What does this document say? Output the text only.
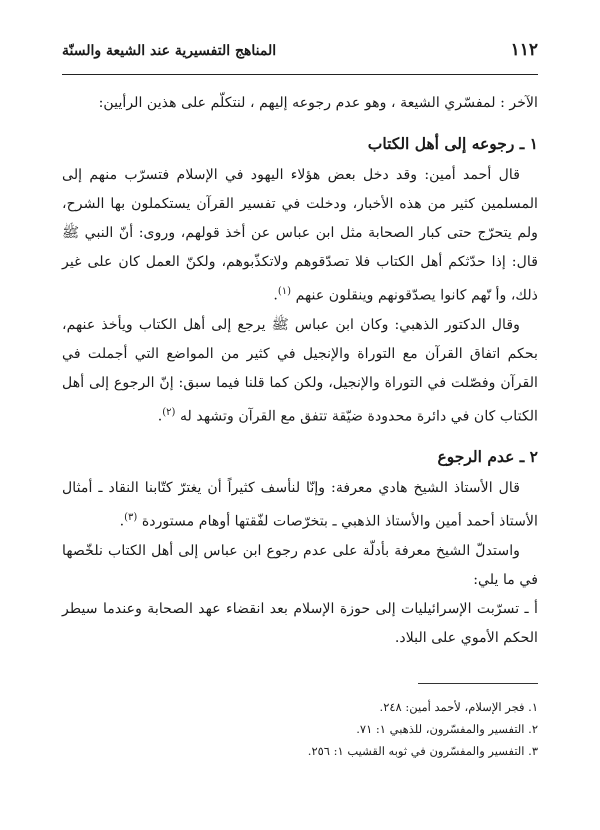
١١٢
المناهج التفسيرية عند الشيعة والسنّة

الآخر : لمفسّري الشيعة ، وهو عدم رجوعه إليهم ، لنتكلّم على هذين الرأيين:

١ ـ رجوعه إلى أهل الكتاب

قال أحمد أمين: وقد دخل بعض هؤلاء اليهود في الإسلام فتسرّب منهم إلى المسلمين كثير من هذه الأخبار، ودخلت في تفسير القرآن يستكملون بها الشرح، ولم يتحرّج حتى كبار الصحابة مثل ابن عباس عن أخذ قولهم، وروى: أنّ النبي ﷺ قال: إذا حدّثكم أهل الكتاب فلا تصدّقوهم ولاتكذّبوهم، ولكنّ العمل كان على غير ذلك، وأ نّهم كانوا يصدّقونهم وينقلون عنهم $^{(١)}$.

وقال الدكتور الذهبي: وكان ابن عباس ﷺ يرجع إلى أهل الكتاب ويأخذ عنهم، بحكم اتفاق القرآن مع التوراة والإنجيل في كثير من المواضع التي أجملت في القرآن وفصّلت في التوراة والإنجيل، ولكن كما قلنا فيما سبق: إنّ الرجوع إلى أهل الكتاب كان في دائرة محدودة ضيّقة تتفق مع القرآن وتشهد له $^{(٢)}$.

٢ ـ عدم الرجوع

قال الأستاذ الشيخ هادي معرفة: وإنّا لنأسف كثيراً أن يغترّ كتّابنا النقاد ـ أمثال الأستاذ أحمد أمين والأستاذ الذهبي ـ بتخرّصات لفّقتها أوهام مستوردة $^{(٣)}$.

واستدلّ الشيخ معرفة بأدلّة على عدم رجوع ابن عباس إلى أهل الكتاب نلخّصها في ما يلي:

أ ـ تسرّبت الإسرائيليات إلى حوزة الإسلام بعد انقضاء عهد الصحابة وعندما سيطر الحكم الأموي على البلاد.

١. فجر الإسلام، لأحمد أمين: ٢٤٨.

٢. التفسير والمفسّرون، للذهبي ١: ٧١.

٣. التفسير والمفسّرون في ثوبه القشيب ١: ٢٥٦.
